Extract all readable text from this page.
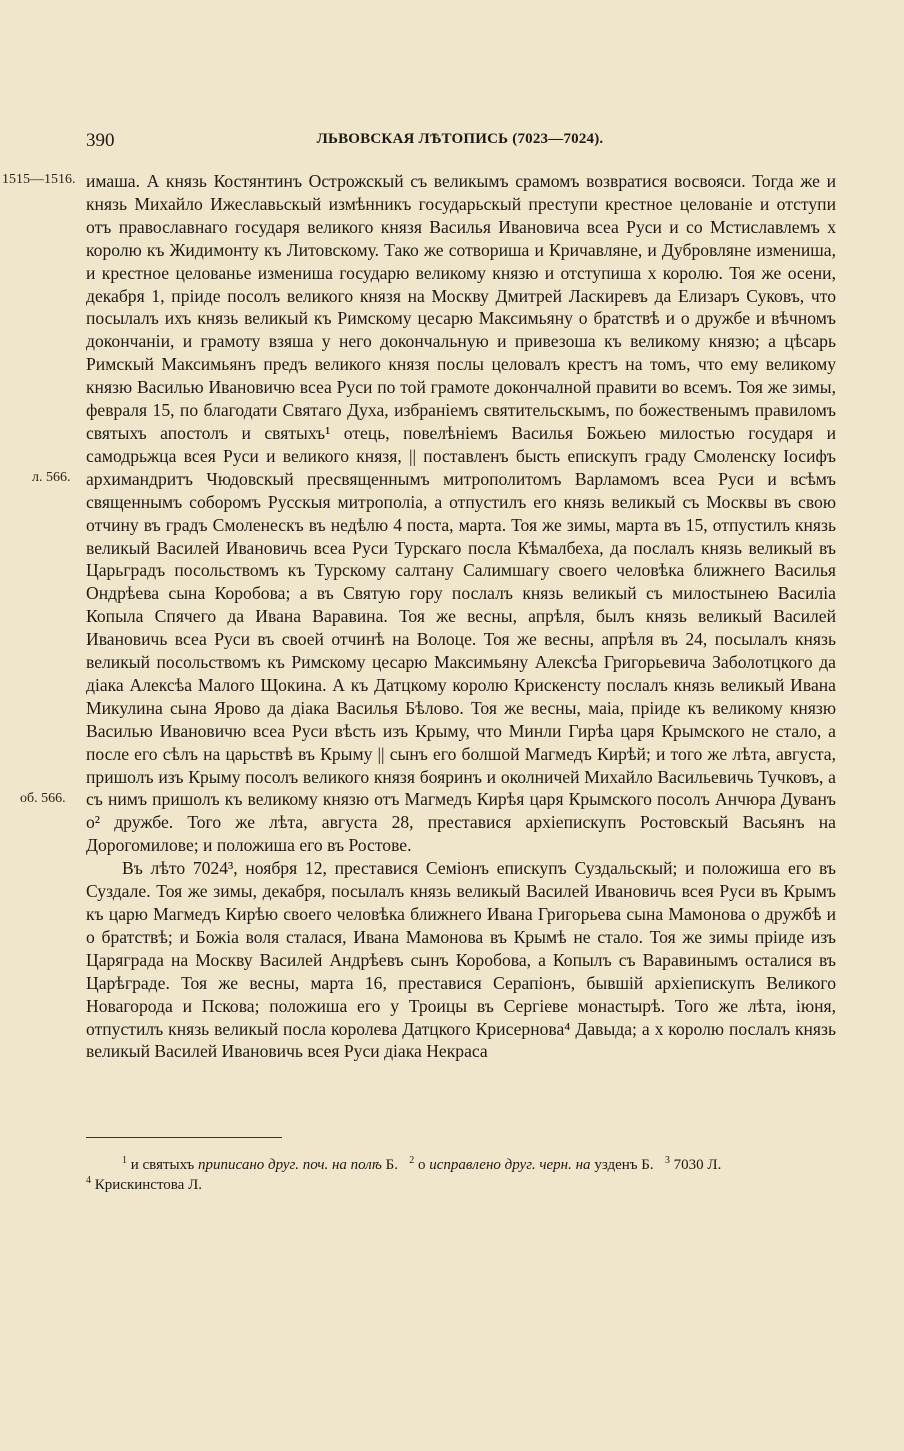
390	ЛЬВОВСКАЯ ЛѢТОПИСЬ (7023—7024).
1515—1516.
л. 566.
об. 566.

имаша. А князь Костянтинъ Острожскый съ великымъ срамомъ возвратися восвояси. Тогда же и князь Михайло Ижеславьскый измѣнникъ государьскый преступи крестное целованіе и отступи отъ православнаго государя великого князя Василья Ивановича всеа Руси и со Мстиславлемъ х королю къ Жидимонту къ Литовскому. Тако же сотвориша и Кричавляне, и Дубровляне измениша, и крестное целованье измениша государю великому князю и отступиша х королю. Тоя же осени, декабря 1, пріиде посолъ великого князя на Москву Дмитрей Ласкиревъ да Елизаръ Суковъ, что посылалъ ихъ князь великый къ Римскому цесарю Максимьяну о братствѣ и о дружбе и вѣчномъ докончаніи, и грамоту взяша у него докончальную и привезоша къ великому князю; а цѣсарь Римскый Максимьянъ предъ великого князя послы целовалъ крестъ на томъ, что ему великому князю Василью Ивановичю всеа Руси по той грамоте докончалной правити во всемъ. Тоя же зимы, февраля 15, по благодати Святаго Духа, избраніемъ святительскымъ, по божественымъ правиломъ святыхъ апостолъ и святыхъ¹ отець, повелѣніемъ Василья Божьею милостью государя и самодрьжца всея Руси и великого князя, || поставленъ бысть епискупъ граду Смоленску Іосифъ архимандритъ Чюдовскый пресвященнымъ митрополитомъ Варламомъ всеа Руси и всѣмъ священнымъ соборомъ Русскыя митрополіа, а отпустилъ его князь великый съ Москвы въ свою отчину въ градъ Смоленескъ въ недѣлю 4 поста, марта. Тоя же зимы, марта въ 15, отпустилъ князь великый Василей Ивановичь всеа Руси Турскаго посла Кѣмалбеха, да послалъ князь великый въ Царьградъ посольствомъ къ Турскому салтану Салимшагу своего человѣка ближнего Василья Ондрѣева сына Коробова; а въ Святую гору послалъ князь великый съ милостынею Василіа Копыла Спячего да Ивана Варавина. Тоя же весны, апрѣля, былъ князь великый Василей Ивановичь всеа Руси въ своей отчинѣ на Волоце. Тоя же весны, апрѣля въ 24, посылалъ князь великый посольствомъ къ Римскому цесарю Максимьяну Алексѣа Григорьевича Заболотцкого да діака Алексѣа Малого Щокина. А къ Датцкому королю Крискенсту послалъ князь великый Ивана Микулина сына Ярово да діака Василья Бѣлово. Тоя же весны, маіа, пріиде къ великому князю Василью Ивановичю всеа Руси вѣсть изъ Крыму, что Минли Гирѣа царя Крымского не стало, а после его сѣлъ на царьствѣ въ Крыму || сынъ его болшой Магмедъ Кирѣй; и того же лѣта, августа, пришолъ изъ Крыму посолъ великого князя бояринъ и околничей Михайло Васильевичь Тучковъ, а съ нимъ пришолъ къ великому князю отъ Магмедъ Кирѣя царя Крымского посолъ Анчюра Дуванъ о² дружбе. Того же лѣта, августа 28, преставися архіепискупъ Ростовскый Васьянъ на Дорогомилове; и положиша его въ Ростове.

Въ лѣто 7024³, ноября 12, преставися Семіонъ епискупъ Суздальскый; и положиша его въ Суздале. Тоя же зимы, декабря, посылалъ князь великый Василей Ивановичь всея Руси въ Крымъ къ царю Магмедъ Кирѣю своего человѣка ближнего Ивана Григорьева сына Мамонова о дружбѣ и о братствѣ; и Божіа воля сталася, Ивана Мамонова въ Крымѣ не стало. Тоя же зимы пріиде изъ Царяграда на Москву Василей Андрѣевъ сынъ Коробова, а Копылъ съ Варавинымъ осталися въ Царѣграде. Тоя же весны, марта 16, преставися Серапіонъ, бывшій архіепискупъ Великого Новагорода и Пскова; положиша его у Троицы въ Сергіеве монастырѣ. Того же лѣта, іюня, отпустилъ князь великый посла королева Датцкого Крисернова⁴ Давыда; а х королю послалъ князь великый Василей Ивановичь всея Руси діака Некраса

$^1$ и святыхъ приписано друг. поч. на полѣ Б. $^2$ о исправлено друг. черн. на узденъ Б. $^3$ 7030 Л.
$^4$ Крискинстова Л.
